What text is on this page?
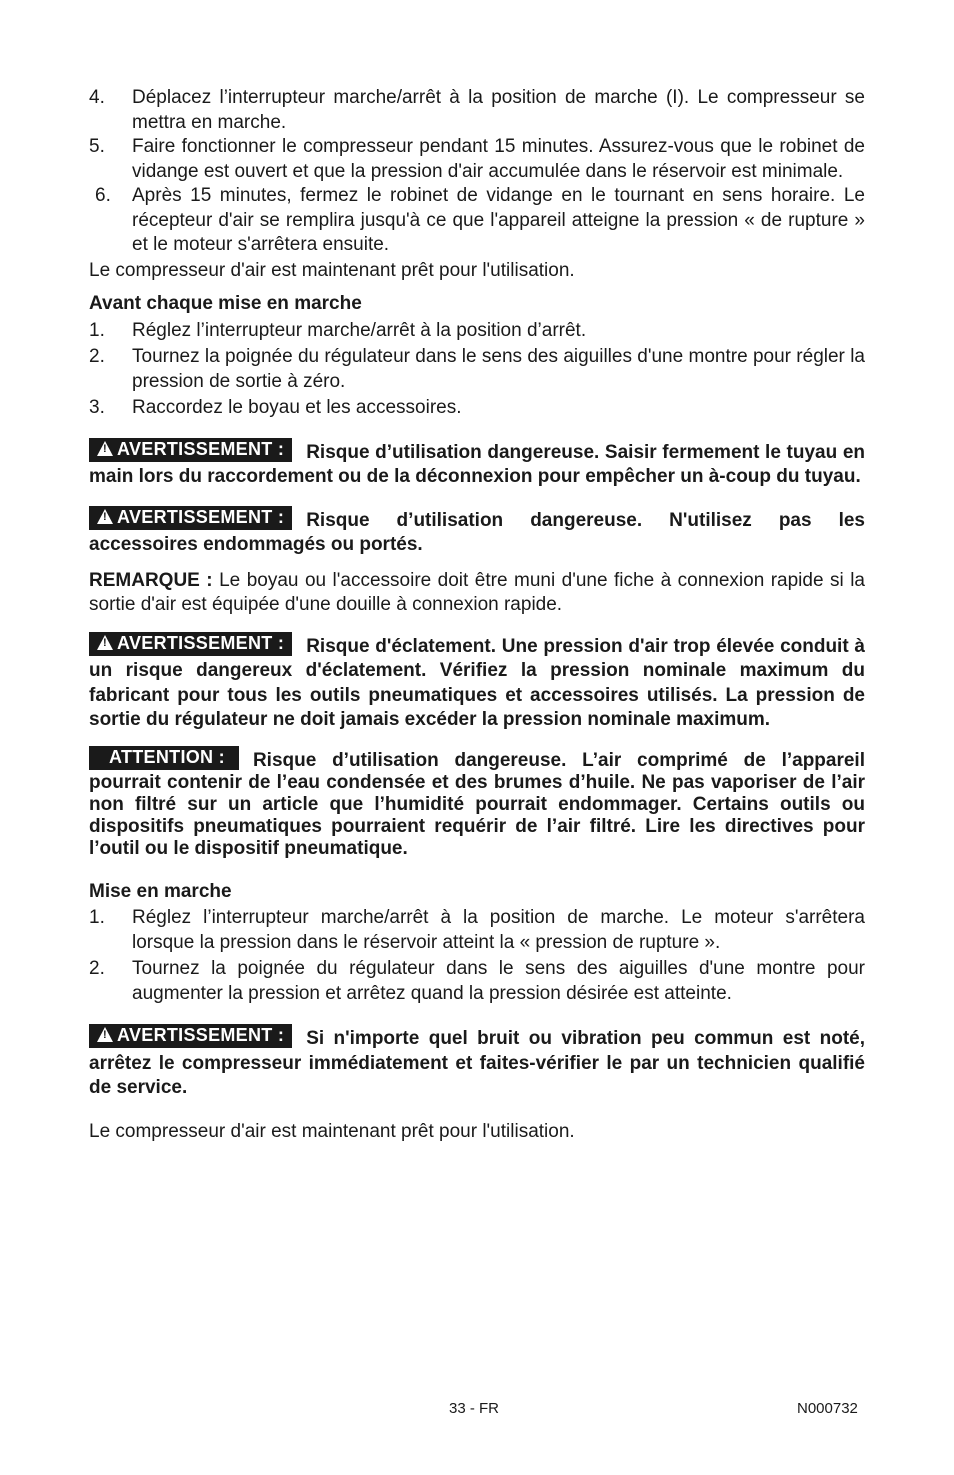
4.	Déplacez l’interrupteur marche/arrêt à la position de marche (I). Le compresseur se mettra en marche.
5.	Faire fonctionner le compresseur pendant 15 minutes. Assurez-vous que le robinet de vidange est ouvert et que la pression d'air accumulée dans le réservoir est minimale.
6.	Après 15 minutes, fermez le robinet de vidange en le tournant en sens horaire. Le récepteur d'air se remplira jusqu'à ce que l'appareil atteigne la pression « de rupture » et le moteur s'arrêtera ensuite.

Le compresseur d'air est maintenant prêt pour l'utilisation.

Avant chaque mise en marche

1.	Réglez l’interrupteur marche/arrêt à la position d’arrêt.
2.	Tournez la poignée du régulateur dans le sens des aiguilles d'une montre pour régler la pression de sortie à zéro.
3.	Raccordez le boyau et les accessoires.

!AVERTISSEMENT : Risque d’utilisation dangereuse. Saisir fermement le tuyau en main lors du raccordement ou de la déconnexion pour empêcher un à-coup du tuyau.

!AVERTISSEMENT : Risque d’utilisation dangereuse. N'utilisez pas les accessoires endommagés ou portés.

REMARQUE : Le boyau ou l'accessoire doit être muni d'une fiche à connexion rapide si la sortie d'air est équipée d'une douille à connexion rapide.

!AVERTISSEMENT : Risque d'éclatement. Une pression d'air trop élevée conduit à un risque dangereux d'éclatement. Vérifiez la pression nominale maximum du fabricant pour tous les outils pneumatiques et accessoires utilisés. La pression de sortie du régulateur ne doit jamais excéder la pression nominale maximum.

ATTENTION : Risque d’utilisation dangereuse. L’air comprimé de l’appareil pourrait contenir de l’eau condensée et des brumes d’huile. Ne pas vaporiser de l’air non filtré sur un article que l’humidité pourrait endommager. Certains outils ou dispositifs pneumatiques pourraient requérir de l’air filtré. Lire les directives pour l’outil ou le dispositif pneumatique.

Mise en marche

1.	Réglez l’interrupteur marche/arrêt à la position de marche. Le moteur s'arrêtera lorsque la pression dans le réservoir atteint la « pression de rupture ».
2.	Tournez la poignée du régulateur dans le sens des aiguilles d'une montre pour augmenter la pression et arrêtez quand la pression désirée est atteinte.

!AVERTISSEMENT : Si n'importe quel bruit ou vibration peu commun est noté, arrêtez le compresseur immédiatement et faites-vérifier le par un technicien qualifié de service.

Le compresseur d'air est maintenant prêt pour l'utilisation.

33 - FR	N000732
